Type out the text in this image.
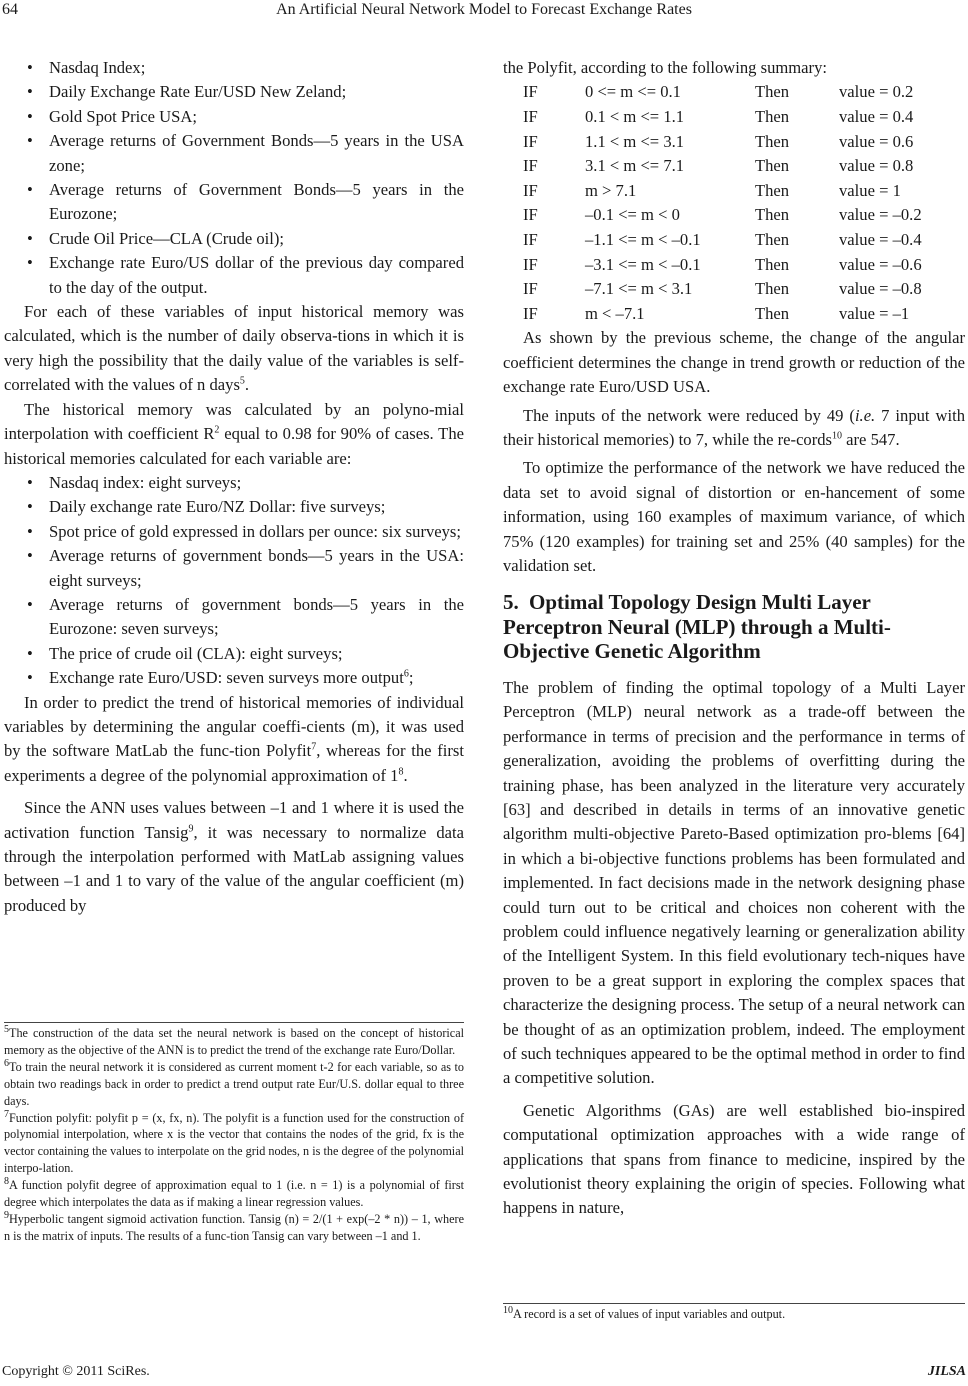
64	An Artificial Neural Network Model to Forecast Exchange Rates
• Nasdaq Index;
• Daily Exchange Rate Eur/USD New Zeland;
• Gold Spot Price USA;
• Average returns of Government Bonds—5 years in the USA zone;
• Average returns of Government Bonds—5 years in the Eurozone;
• Crude Oil Price—CLA (Crude oil);
• Exchange rate Euro/US dollar of the previous day compared to the day of the output.

For each of these variables of input historical memory was calculated, which is the number of daily observa-tions in which it is very high the possibility that the daily value of the variables is self-correlated with the values of n days$^5$.

The historical memory was calculated by an polyno-mial interpolation with coefficient $R^2$ equal to 0.98 for 90% of cases. The historical memories calculated for each variable are:

• Nasdaq index: eight surveys;
• Daily exchange rate Euro/NZ Dollar: five surveys;
• Spot price of gold expressed in dollars per ounce: six surveys;
• Average returns of government bonds—5 years in the USA: eight surveys;
• Average returns of government bonds—5 years in the Eurozone: seven surveys;
• The price of crude oil (CLA): eight surveys;
• Exchange rate Euro/USD: seven surveys more output$^6$;

In order to predict the trend of historical memories of individual variables by determining the angular coeffi-cients (m), it was used by the software MatLab the func-tion Polyfit$^7$, whereas for the first experiments a degree of the polynomial approximation of $1^8$.

Since the ANN uses values between –1 and 1 where it is used the activation function Tansig$^9$, it was necessary to normalize data through the interpolation performed with MatLab assigning values between –1 and 1 to vary of the value of the angular coefficient (m) produced by

$^5$The construction of the data set the neural network is based on the concept of historical memory as the objective of the ANN is to predict the trend of the exchange rate Euro/Dollar.

$^6$To train the neural network it is considered as current moment t-2 for each variable, so as to obtain two readings back in order to predict a trend output rate Eur/U.S. dollar equal to three days.

$^7$Function polyfit: polyfit p = (x, fx, n). The polyfit is a function used for the construction of polynomial interpolation, where x is the vector that contains the nodes of the grid, fx is the vector containing the values to interpolate on the grid nodes, n is the degree of the polynomial interpo-lation.

$^8$A function polyfit degree of approximation equal to 1 (i.e. n = 1) is a polynomial of first degree which interpolates the data as if making a linear regression values.

$^9$Hyperbolic tangent sigmoid activation function. Tansig (n) = 2/(1 + exp(–2 * n)) – 1, where n is the matrix of inputs. The results of a func-tion Tansig can vary between –1 and 1.

the Polyfit, according to the following summary:

IF	0 <= m <= 0.1	Then	value = 0.2
IF	0.1 < m <= 1.1	Then	value = 0.4
IF	1.1 < m <= 3.1	Then	value = 0.6
IF	3.1 < m <= 7.1	Then	value = 0.8
IF	m > 7.1	Then	value = 1
IF	–0.1 <= m < 0	Then	value = –0.2
IF	–1.1 <= m < –0.1	Then	value = –0.4
IF	–3.1 <= m < –0.1	Then	value = –0.6
IF	–7.1 <= m < 3.1	Then	value = –0.8
IF	m < –7.1	Then	value = –1

As shown by the previous scheme, the change of the angular coefficient determines the change in trend growth or reduction of the exchange rate Euro/USD USA.

The inputs of the network were reduced by 49 (i.e. 7 input with their historical memories) to 7, while the re-cords$^{10}$ are 547.

To optimize the performance of the network we have reduced the data set to avoid signal of distortion or en-hancement of some information, using 160 examples of maximum variance, of which 75% (120 examples) for training set and 25% (40 samples) for the validation set.

5. Optimal Topology Design Multi Layer Perceptron Neural (MLP) through a Multi-Objective Genetic Algorithm

The problem of finding the optimal topology of a Multi Layer Perceptron (MLP) neural network as a trade-off between the performance in terms of precision and the performance in terms of generalization, avoiding the problems of overfitting during the training phase, has been analyzed in the literature very accurately [63] and described in details in terms of an innovative genetic algorithm multi-objective Pareto-Based optimization pro-blems [64] in which a bi-objective functions problems has been formulated and implemented. In fact decisions made in the network designing phase could turn out to be critical and choices non coherent with the problem could influence negatively learning or generalization ability of the Intelligent System. In this field evolutionary tech-niques have proven to be a great support in exploring the complex spaces that characterize the designing process. The setup of a neural network can be thought of as an optimization problem, indeed. The employment of such techniques appeared to be the optimal method in order to find a competitive solution.

Genetic Algorithms (GAs) are well established bio-inspired computational optimization approaches with a wide range of applications that spans from finance to medicine, inspired by the evolutionist theory explaining the origin of species. Following what happens in nature,

$^{10}$A record is a set of values of input variables and output.

Copyright © 2011 SciRes.	JILSA
